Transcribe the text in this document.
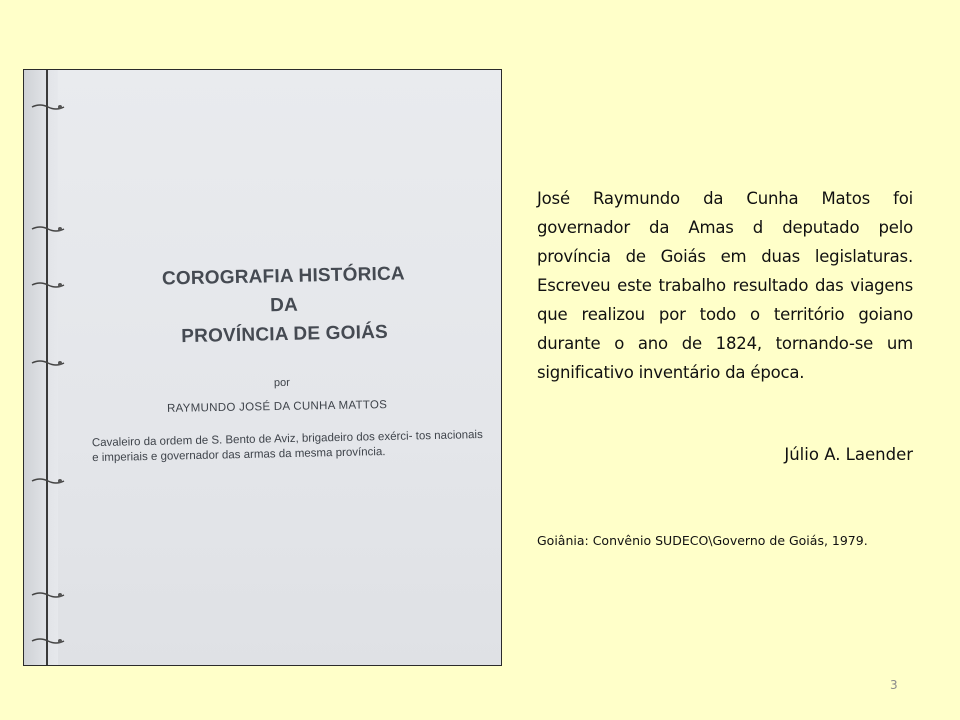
COROGRAFIA HISTÓRICA
DA
PROVÍNCIA DE GOIÁS
por
RAYMUNDO JOSÉ DA CUNHA MATTOS
Cavaleiro da ordem de S. Bento de Aviz, brigadeiro dos exérci- tos nacionais e imperiais e governador das armas da mesma província.
José Raymundo da Cunha Matos foi governador da Amas d deputado pelo província de Goiás em duas legislaturas. Escreveu este trabalho resultado das viagens que realizou por todo o território goiano durante o ano de 1824, tornando-se um significativo inventário da época.
Júlio A. Laender
Goiânia: Convênio SUDECO\Governo de Goiás, 1979.
3
